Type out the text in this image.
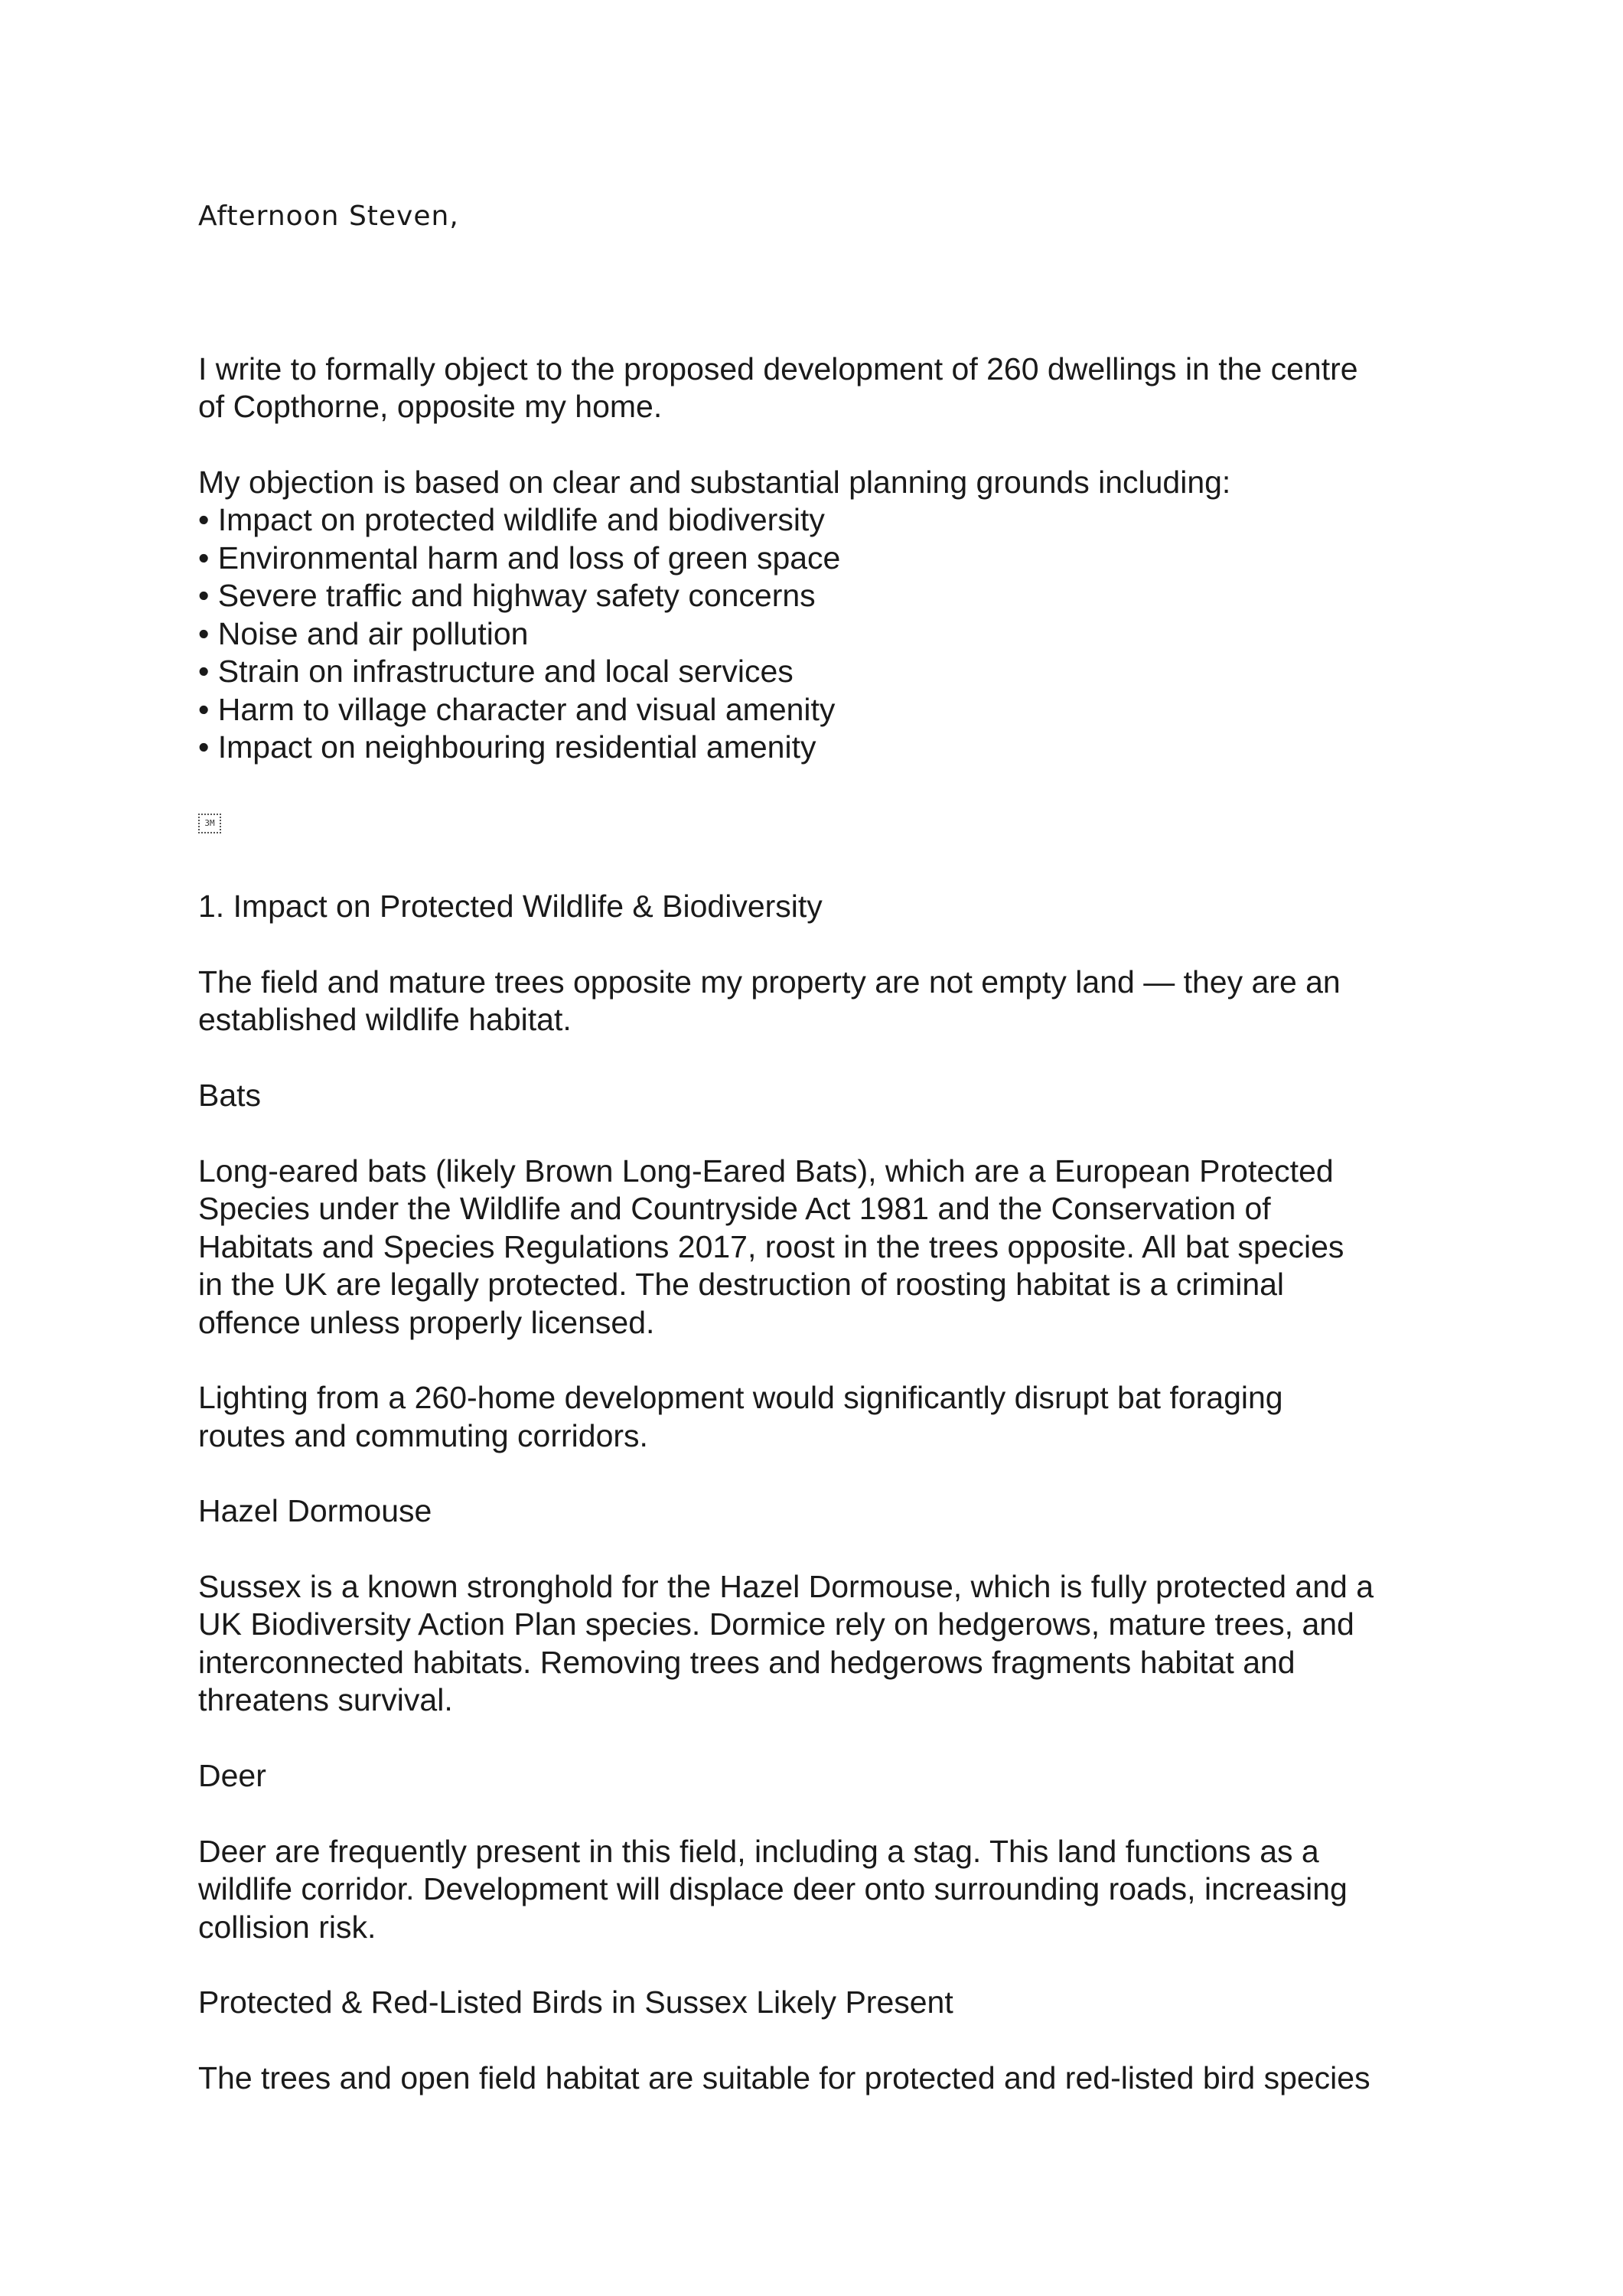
Afternoon Steven,
I write to formally object to the proposed development of 260 dwellings in the centre
of Copthorne, opposite my home.
My objection is based on clear and substantial planning grounds including:
• Impact on protected wildlife and biodiversity
• Environmental harm and loss of green space
• Severe traffic and highway safety concerns
• Noise and air pollution
• Strain on infrastructure and local services
• Harm to village character and visual amenity
• Impact on neighbouring residential amenity
3M
1. Impact on Protected Wildlife & Biodiversity
The field and mature trees opposite my property are not empty land — they are an
established wildlife habitat.
Bats
Long-eared bats (likely Brown Long-Eared Bats), which are a European Protected
Species under the Wildlife and Countryside Act 1981 and the Conservation of
Habitats and Species Regulations 2017, roost in the trees opposite. All bat species
in the UK are legally protected. The destruction of roosting habitat is a criminal
offence unless properly licensed.
Lighting from a 260-home development would significantly disrupt bat foraging
routes and commuting corridors.
Hazel Dormouse
Sussex is a known stronghold for the Hazel Dormouse, which is fully protected and a
UK Biodiversity Action Plan species. Dormice rely on hedgerows, mature trees, and
interconnected habitats. Removing trees and hedgerows fragments habitat and
threatens survival.
Deer
Deer are frequently present in this field, including a stag. This land functions as a
wildlife corridor. Development will displace deer onto surrounding roads, increasing
collision risk.
Protected & Red-Listed Birds in Sussex Likely Present
The trees and open field habitat are suitable for protected and red-listed bird species
